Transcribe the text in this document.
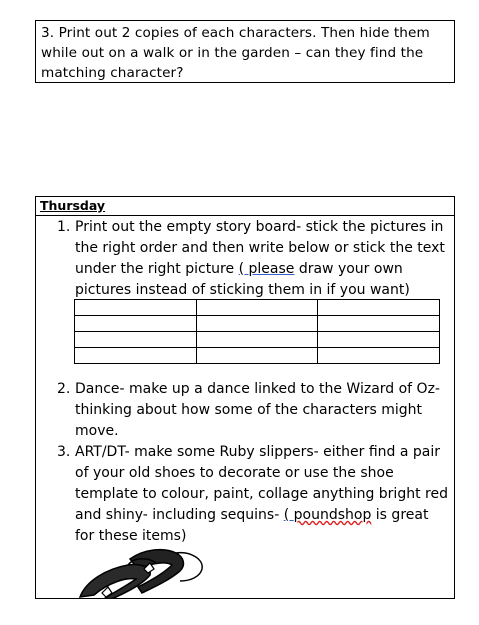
3. Print out 2 copies of each characters. Then hide them while out on a walk or in the garden – can they find the matching character?

Thursday
1. Print out the empty story board- stick the pictures in the right order and then write below or stick the text under the right picture ( please draw your own pictures instead of sticking them in if you want)
2. Dance- make up a dance linked to the Wizard of Oz- thinking about how some of the characters might move.
3. ART/DT- make some Ruby slippers- either find a pair of your old shoes to decorate or use the shoe template to colour, paint, collage anything bright red and shiny- including sequins- ( poundshop is great for these items)
